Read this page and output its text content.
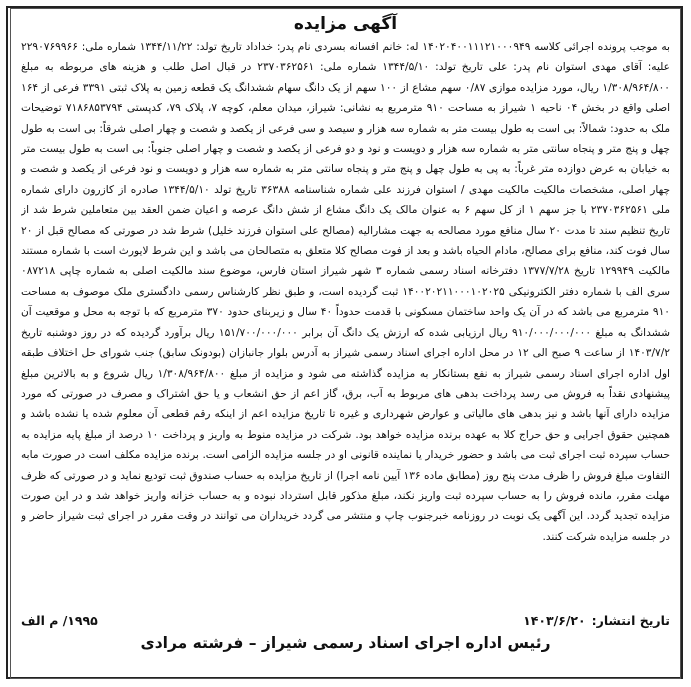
آگهی مزایده

به موجب پرونده اجرائی کلاسه ۱۴۰۲۰۴۰۰۱۱۱۲۱۰۰۰۹۴۹ له: خانم افسانه بسردی نام پدر: خداداد تاریخ تولد: ۱۳۴۴/۱۱/۲۲ شماره ملی: ۲۲۹۰۷۶۹۹۶۶ علیه: آقای مهدی استوان نام پدر: علی تاریخ تولد: ۱۳۴۴/۵/۱۰ شماره ملی: ۲۳۷۰۳۶۲۵۶۱ در قبال اصل طلب و هزینه های مربوطه به مبلغ ۱/۳۰۸/۹۶۴/۸۰۰ ریال، مورد مزایده موازی ۰/۸۷ سهم مشاع از ۱۰۰ سهم از یک دانگ سهام ششدانگ یک قطعه زمین به پلاک ثبتی ۳۳۹۱ فرعی از ۱۶۴ اصلی واقع در بخش ۰۴ ناحیه ۱ شیراز به مساحت ۹۱۰ مترمربع به نشانی: شیراز، میدان معلم، کوچه ۷، پلاک ۷۹، کدپستی ۷۱۸۶۸۵۳۷۹۴ توضیحات ملک به حدود: شمالاً: بی است به طول بیست متر به شماره سه هزار و سیصد و سی فرعی از یکصد و شصت و چهار اصلی شرقاً: بی است به طول چهل و پنج متر و پنجاه سانتی متر به شماره سه هزار و دویست و نود و دو فرعی از یکصد و شصت و چهار اصلی جنوباً: بی است به طول بیست متر به خیابان به عرض دوازده متر غرباً: به پی به طول چهل و پنج متر و پنجاه سانتی متر به شماره سه هزار و دویست و نود فرعی از یکصد و شصت و چهار اصلی، مشخصات مالکیت مالکیت مهدی / استوان فرزند علی شماره شناسنامه ۳۶۳۸۸ تاریخ تولد ۱۳۴۴/۵/۱۰ صادره از کازرون دارای شماره ملی ۲۳۷۰۳۶۲۵۶۱ با جز سهم ۱ از کل سهم ۶ به عنوان مالک یک دانگ مشاع از شش دانگ عرصه و اعیان ضمن العقد بین متعاملین شرط شد از تاریخ تنظیم سند تا مدت ۲۰ سال منافع مورد مصالحه به جهت مشارالیه (مصالح علی استوان فرزند خلیل) شرط شد در صورتی که مصالح قبل از ۲۰ سال فوت کند، منافع برای مصالح، مادام الحیاه باشد و بعد از فوت مصالح کلا متعلق به متصالحان می باشد و این شرط لایورث است با شماره مستند مالکیت ۱۲۹۹۴۹ تاریخ ۱۳۷۷/۷/۲۸ دفترخانه اسناد رسمی شماره ۳ شهر شیراز استان فارس، موضوع سند مالکیت اصلی به شماره چاپی ۰۸۷۲۱۸ سری الف با شماره دفتر الکترونیکی ۱۴۰۰۲۰۲۱۱۰۰۰۱۰۲۰۲۵ ثبت گردیده است، و طبق نظر کارشناس رسمی دادگستری ملک موصوف به مساحت ۹۱۰ مترمربع می باشد که در آن یک واحد ساختمان مسکونی با قدمت حدوداً ۴۰ سال و زیربنای حدود ۳۷۰ مترمربع که با توجه به محل و موقعیت آن ششدانگ به مبلغ ۹۱۰/۰۰۰/۰۰۰/۰۰۰ ریال ارزیابی شده که ارزش یک دانگ آن برابر ۱۵۱/۷۰۰/۰۰۰/۰۰۰ ریال برآورد گردیده که در روز دوشنبه تاریخ ۱۴۰۳/۷/۲ از ساعت ۹ صبح الی ۱۲ در محل اداره اجرای اسناد رسمی شیراز به آدرس بلوار جانبازان (بودونک سابق) جنب شورای حل اختلاف طبقه اول اداره اجرای اسناد رسمی شیراز به نفع بستانکار به مزایده گذاشته می شود و مزایده از مبلغ ۱/۳۰۸/۹۶۴/۸۰۰ ریال شروع و به بالاترین مبلغ پیشنهادی نقداً به فروش می رسد پرداخت بدهی های مربوط به آب، برق، گاز اعم از حق انشعاب و یا حق اشتراک و مصرف در صورتی که مورد مزایده دارای آنها باشد و نیز بدهی های مالیاتی و عوارض شهرداری و غیره تا تاریخ مزایده اعم از اینکه رقم قطعی آن معلوم شده یا نشده باشد و همچنین حقوق اجرایی و حق حراج کلا به عهده برنده مزایده خواهد بود. شرکت در مزایده منوط به واریز و پرداخت ۱۰ درصد از مبلغ پایه مزایده به حساب سپرده ثبت اجرای ثبت می باشد و حضور خریدار یا نماینده قانونی او در جلسه مزایده الزامی است. برنده مزایده مکلف است در صورت مابه التفاوت مبلغ فروش را ظرف مدت پنج روز (مطابق ماده ۱۳۶ آیین نامه اجرا) از تاریخ مزایده به حساب صندوق ثبت تودیع نماید و در صورتی که ظرف مهلت مقرر، مانده فروش را به حساب سپرده ثبت واریز نکند، مبلغ مذکور قابل استرداد نبوده و به حساب خزانه واریز خواهد شد و در این صورت مزایده تجدید گردد. این آگهی یک نوبت در روزنامه خبرجنوب چاپ و منتشر می گردد خریداران می توانند در وقت مقرر در اجرای ثبت شیراز حاضر و در جلسه مزایده شرکت کنند.

تاریخ انتشار:
۱۴۰۳/۶/۲۰
۱۹۹۵/ م الف
رئیس اداره اجرای اسناد رسمی شیراز – فرشته مرادی
